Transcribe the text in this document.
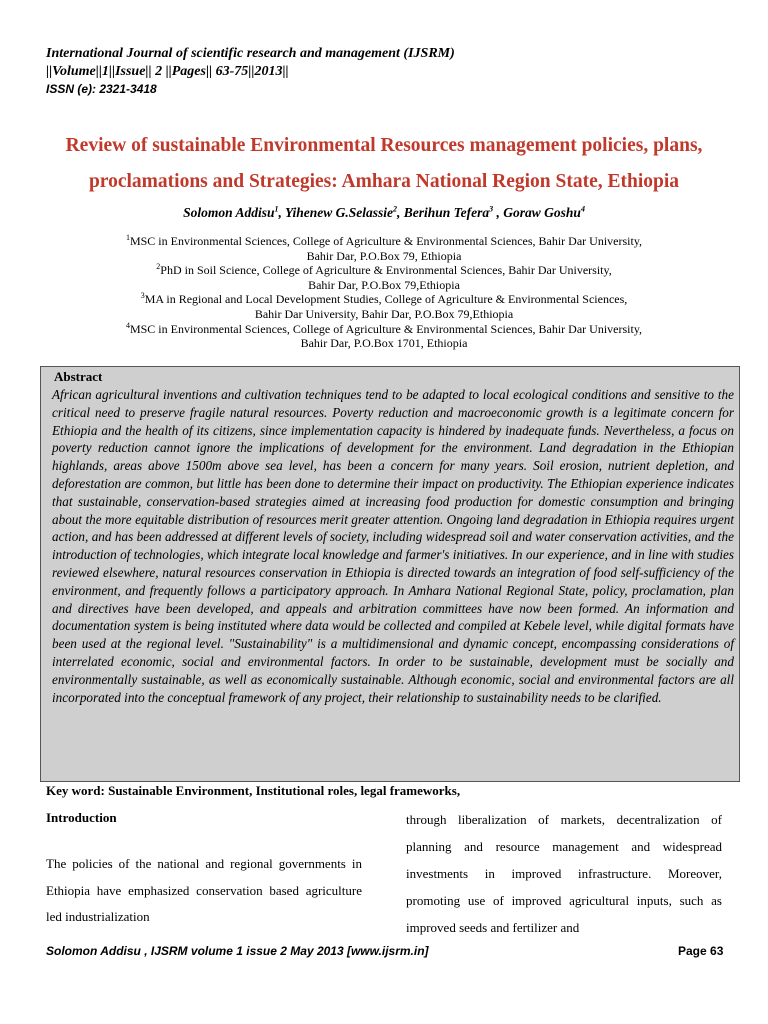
International Journal of scientific research and management (IJSRM)
||Volume||1||Issue|| 2 ||Pages|| 63-75||2013||
ISSN (e): 2321-3418
Review of sustainable Environmental Resources management policies, plans,
proclamations and Strategies: Amhara National Region State, Ethiopia
Solomon Addisu$^1$, Yihenew G.Selassie$^2$, Berihun Tefera$^3$ , Goraw Goshu$^4$
$^1$MSC in Environmental Sciences, College of Agriculture & Environmental Sciences, Bahir Dar University,
Bahir Dar, P.O.Box 79, Ethiopia
$^2$PhD in Soil Science, College of Agriculture & Environmental Sciences, Bahir Dar University,
Bahir Dar, P.O.Box 79,Ethiopia
$^3$MA in Regional and Local Development Studies, College of Agriculture & Environmental Sciences,
Bahir Dar University, Bahir Dar, P.O.Box 79,Ethiopia
$^4$MSC in Environmental Sciences, College of Agriculture & Environmental Sciences, Bahir Dar University,
Bahir Dar, P.O.Box 1701, Ethiopia
Abstract
African agricultural inventions and cultivation techniques tend to be adapted to local ecological conditions and sensitive to the critical need to preserve fragile natural resources. Poverty reduction and macroeconomic growth is a legitimate concern for Ethiopia and the health of its citizens, since implementation capacity is hindered by inadequate funds. Nevertheless, a focus on poverty reduction cannot ignore the implications of development for the environment. Land degradation in the Ethiopian highlands, areas above 1500m above sea level, has been a concern for many years. Soil erosion, nutrient depletion, and deforestation are common, but little has been done to determine their impact on productivity. The Ethiopian experience indicates that sustainable, conservation-based strategies aimed at increasing food production for domestic consumption and bringing about the more equitable distribution of resources merit greater attention. Ongoing land degradation in Ethiopia requires urgent action, and has been addressed at different levels of society, including widespread soil and water conservation activities, and the introduction of technologies, which integrate local knowledge and farmer's initiatives. In our experience, and in line with studies reviewed elsewhere, natural resources conservation in Ethiopia is directed towards an integration of food self-sufficiency of the environment, and frequently follows a participatory approach. In Amhara National Regional State, policy, proclamation, plan and directives have been developed, and appeals and arbitration committees have now been formed. An information and documentation system is being instituted where data would be collected and compiled at Kebele level, while digital formats have been used at the regional level. "Sustainability" is a multidimensional and dynamic concept, encompassing considerations of interrelated economic, social and environmental factors. In order to be sustainable, development must be socially and environmentally sustainable, as well as economically sustainable. Although economic, social and environmental factors are all incorporated into the conceptual framework of any project, their relationship to sustainability needs to be clarified.
Key word: Sustainable Environment, Institutional roles, legal frameworks,
Introduction
The policies of the national and regional governments in Ethiopia have emphasized conservation based agriculture led industrialization
through liberalization of markets, decentralization of planning and resource management and widespread investments in improved infrastructure. Moreover, promoting use of improved agricultural inputs, such as improved seeds and fertilizer and
Solomon Addisu , IJSRM volume 1 issue 2 May 2013 [www.ijsrm.in]	Page 63
